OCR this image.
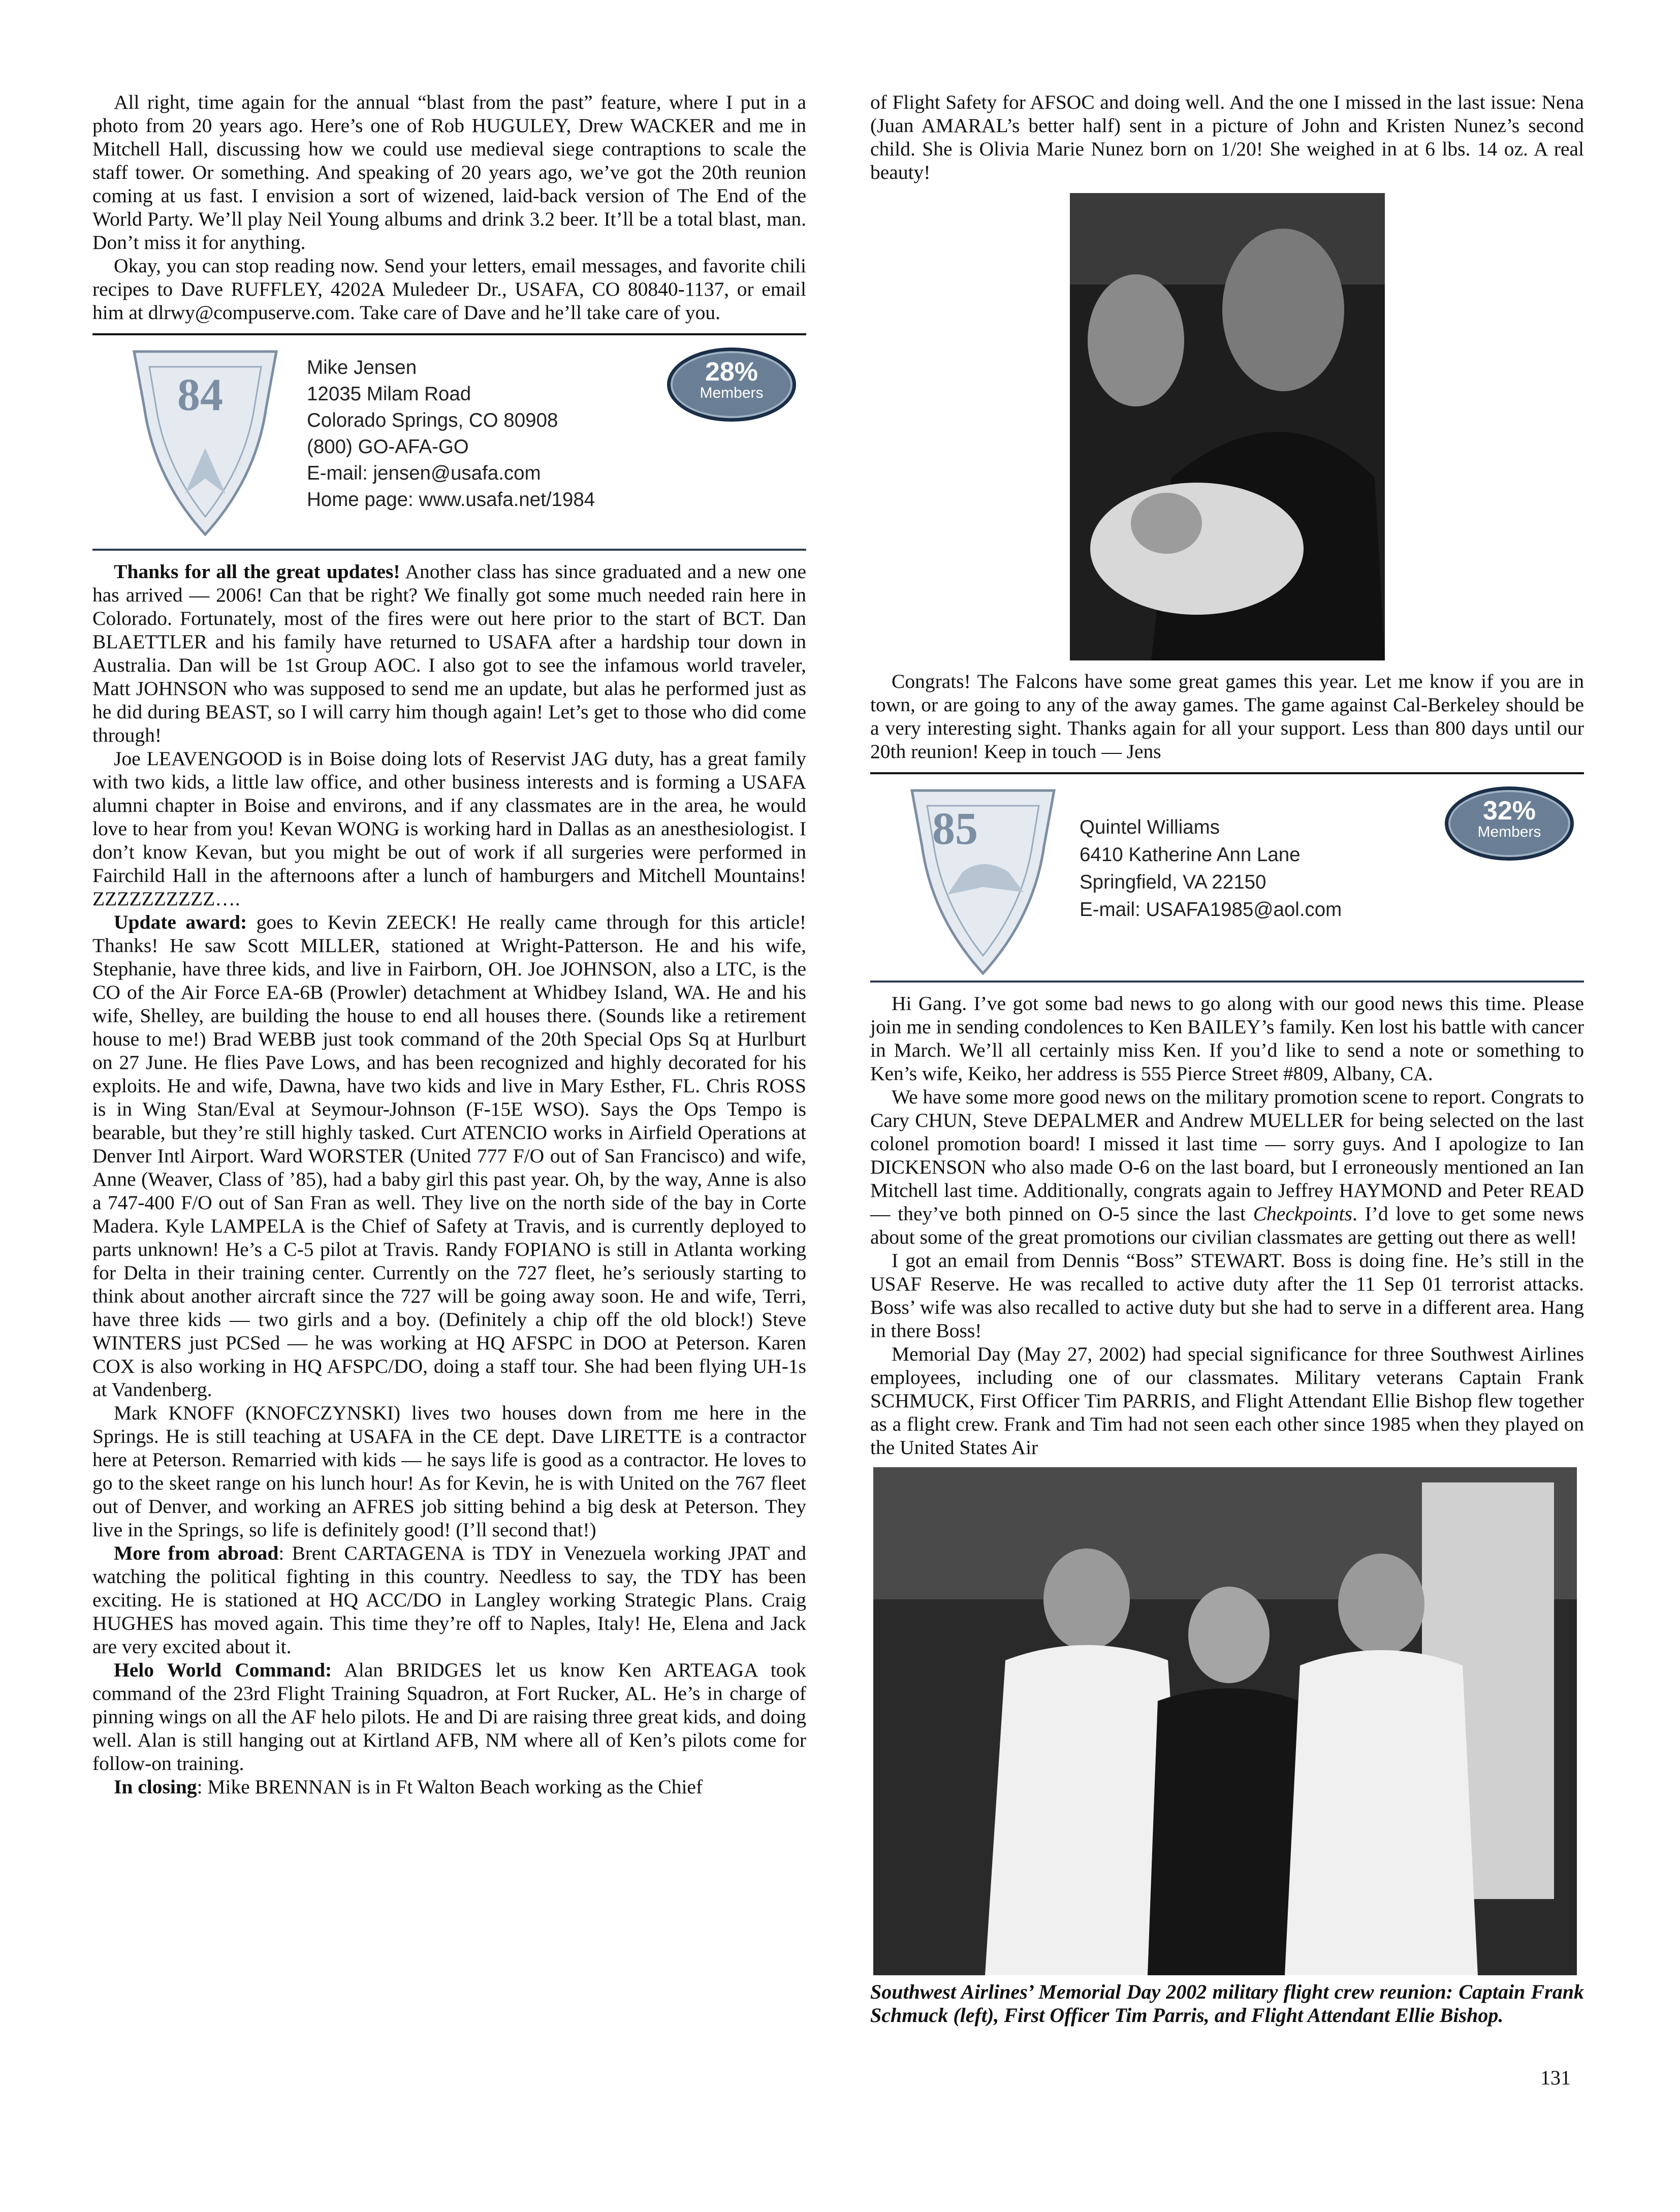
All right, time again for the annual “blast from the past” feature, where I put in a photo from 20 years ago. Here’s one of Rob HUGULEY, Drew WACKER and me in Mitchell Hall, discussing how we could use medieval siege contraptions to scale the staff tower. Or something. And speaking of 20 years ago, we’ve got the 20th reunion coming at us fast. I envision a sort of wizened, laid-back version of The End of the World Party. We’ll play Neil Young albums and drink 3.2 beer. It’ll be a total blast, man. Don’t miss it for anything.

Okay, you can stop reading now. Send your letters, email messages, and favorite chili recipes to Dave RUFFLEY, 4202A Muledeer Dr., USAFA, CO 80840-1137, or email him at dlrwy@compuserve.com. Take care of Dave and he’ll take care of you.

84
Mike Jensen
12035 Milam Road
Colorado Springs, CO 80908
(800) GO-AFA-GO
E-mail: jensen@usafa.com
Home page: www.usafa.net/1984
28%
Members

Thanks for all the great updates! Another class has since graduated and a new one has arrived — 2006! Can that be right? We finally got some much needed rain here in Colorado. Fortunately, most of the fires were out here prior to the start of BCT. Dan BLAETTLER and his family have returned to USAFA after a hardship tour down in Australia. Dan will be 1st Group AOC. I also got to see the infamous world traveler, Matt JOHNSON who was supposed to send me an update, but alas he performed just as he did during BEAST, so I will carry him though again! Let’s get to those who did come through!

Joe LEAVENGOOD is in Boise doing lots of Reservist JAG duty, has a great family with two kids, a little law office, and other business interests and is forming a USAFA alumni chapter in Boise and environs, and if any classmates are in the area, he would love to hear from you! Kevan WONG is working hard in Dallas as an anesthesiologist. I don’t know Kevan, but you might be out of work if all surgeries were performed in Fairchild Hall in the afternoons after a lunch of hamburgers and Mitchell Mountains! ZZZZZZZZZZ….

Update award: goes to Kevin ZEECK! He really came through for this article! Thanks! He saw Scott MILLER, stationed at Wright-Patterson. He and his wife, Stephanie, have three kids, and live in Fairborn, OH. Joe JOHNSON, also a LTC, is the CO of the Air Force EA-6B (Prowler) detachment at Whidbey Island, WA. He and his wife, Shelley, are building the house to end all houses there. (Sounds like a retirement house to me!) Brad WEBB just took command of the 20th Special Ops Sq at Hurlburt on 27 June. He flies Pave Lows, and has been recognized and highly decorated for his exploits. He and wife, Dawna, have two kids and live in Mary Esther, FL. Chris ROSS is in Wing Stan/Eval at Seymour-Johnson (F-15E WSO). Says the Ops Tempo is bearable, but they’re still highly tasked. Curt ATENCIO works in Airfield Operations at Denver Intl Airport. Ward WORSTER (United 777 F/O out of San Francisco) and wife, Anne (Weaver, Class of ’85), had a baby girl this past year. Oh, by the way, Anne is also a 747-400 F/O out of San Fran as well. They live on the north side of the bay in Corte Madera. Kyle LAMPELA is the Chief of Safety at Travis, and is currently deployed to parts unknown! He’s a C-5 pilot at Travis. Randy FOPIANO is still in Atlanta working for Delta in their training center. Currently on the 727 fleet, he’s seriously starting to think about another aircraft since the 727 will be going away soon. He and wife, Terri, have three kids — two girls and a boy. (Definitely a chip off the old block!) Steve WINTERS just PCSed — he was working at HQ AFSPC in DOO at Peterson. Karen COX is also working in HQ AFSPC/DO, doing a staff tour. She had been flying UH-1s at Vandenberg.

Mark KNOFF (KNOFCZYNSKI) lives two houses down from me here in the Springs. He is still teaching at USAFA in the CE dept. Dave LIRETTE is a contractor here at Peterson. Remarried with kids — he says life is good as a contractor. He loves to go to the skeet range on his lunch hour! As for Kevin, he is with United on the 767 fleet out of Denver, and working an AFRES job sitting behind a big desk at Peterson. They live in the Springs, so life is definitely good! (I’ll second that!)

More from abroad: Brent CARTAGENA is TDY in Venezuela working JPAT and watching the political fighting in this country. Needless to say, the TDY has been exciting. He is stationed at HQ ACC/DO in Langley working Strategic Plans. Craig HUGHES has moved again. This time they’re off to Naples, Italy! He, Elena and Jack are very excited about it.

Helo World Command: Alan BRIDGES let us know Ken ARTEAGA took command of the 23rd Flight Training Squadron, at Fort Rucker, AL. He’s in charge of pinning wings on all the AF helo pilots. He and Di are raising three great kids, and doing well. Alan is still hanging out at Kirtland AFB, NM where all of Ken’s pilots come for follow-on training.

In closing: Mike BRENNAN is in Ft Walton Beach working as the Chief

of Flight Safety for AFSOC and doing well. And the one I missed in the last issue: Nena (Juan AMARAL’s better half) sent in a picture of John and Kristen Nunez’s second child. She is Olivia Marie Nunez born on 1/20! She weighed in at 6 lbs. 14 oz. A real beauty!

Congrats! The Falcons have some great games this year. Let me know if you are in town, or are going to any of the away games. The game against Cal-Berkeley should be a very interesting sight. Thanks again for all your support. Less than 800 days until our 20th reunion! Keep in touch — Jens

85	Quintel Williams
6410 Katherine Ann Lane
Springfield, VA 22150
E-mail: USAFA1985@aol.com
32%
Members

Hi Gang. I’ve got some bad news to go along with our good news this time. Please join me in sending condolences to Ken BAILEY’s family. Ken lost his battle with cancer in March. We’ll all certainly miss Ken. If you’d like to send a note or something to Ken’s wife, Keiko, her address is 555 Pierce Street #809, Albany, CA.

We have some more good news on the military promotion scene to report. Congrats to Cary CHUN, Steve DEPALMER and Andrew MUELLER for being selected on the last colonel promotion board! I missed it last time — sorry guys. And I apologize to Ian DICKENSON who also made O-6 on the last board, but I erroneously mentioned an Ian Mitchell last time. Additionally, congrats again to Jeffrey HAYMOND and Peter READ — they’ve both pinned on O-5 since the last Checkpoints. I’d love to get some news about some of the great promotions our civilian classmates are getting out there as well!

I got an email from Dennis “Boss” STEWART. Boss is doing fine. He’s still in the USAF Reserve. He was recalled to active duty after the 11 Sep 01 terrorist attacks. Boss’ wife was also recalled to active duty but she had to serve in a different area. Hang in there Boss!

Memorial Day (May 27, 2002) had special significance for three Southwest Airlines employees, including one of our classmates. Military veterans Captain Frank SCHMUCK, First Officer Tim PARRIS, and Flight Attendant Ellie Bishop flew together as a flight crew. Frank and Tim had not seen each other since 1985 when they played on the United States Air

Southwest Airlines’ Memorial Day 2002 military flight crew reunion: Captain Frank Schmuck (left), First Officer Tim Parris, and Flight Attendant Ellie Bishop.
131
